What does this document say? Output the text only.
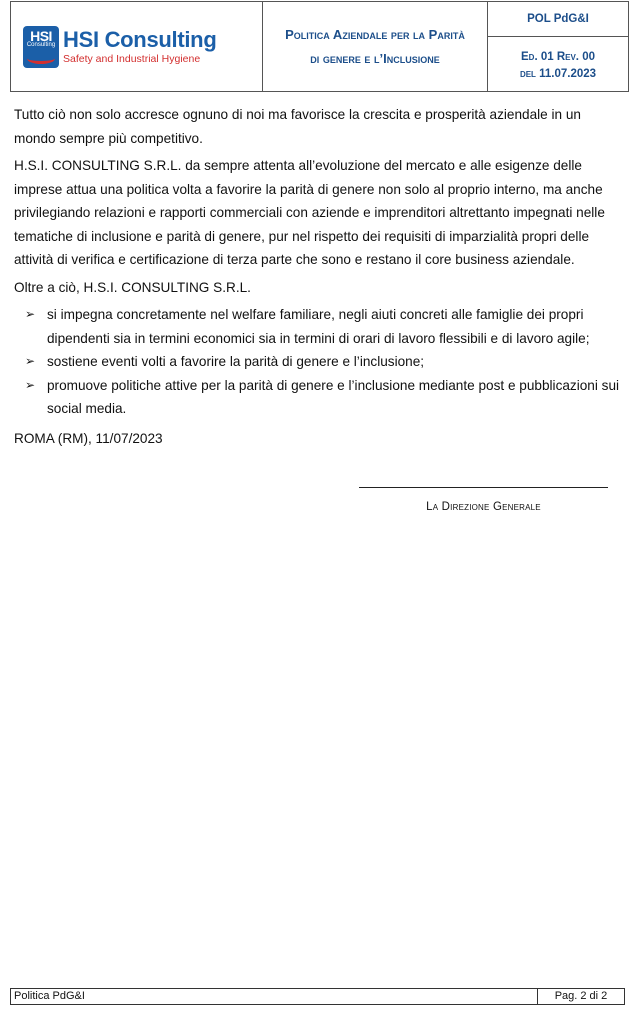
HSI
Consulting HSI Consulting
Safety and Industrial Hygiene
Politica Aziendale per la Parità
di genere e l’Inclusione
POL PdG&I
Ed. 01 Rev. 00
del 11.07.2023

Tutto ciò non solo accresce ognuno di noi ma favorisce la crescita e prosperità aziendale in un mondo sempre più competitivo.

H.S.I. CONSULTING S.R.L. da sempre attenta all’evoluzione del mercato e alle esigenze delle imprese attua una politica volta a favorire la parità di genere non solo al proprio interno, ma anche privilegiando relazioni e rapporti commerciali con aziende e imprenditori altrettanto impegnati nelle tematiche di inclusione e parità di genere, pur nel rispetto dei requisiti di imparzialità propri delle attività di verifica e certificazione di terza parte che sono e restano il core business aziendale.

Oltre a ciò, H.S.I. CONSULTING S.R.L.

➢ si impegna concretamente nel welfare familiare, negli aiuti concreti alle famiglie dei propri dipendenti sia in termini economici sia in termini di orari di lavoro flessibili e di lavoro agile;
➢ sostiene eventi volti a favorire la parità di genere e l’inclusione;
➢ promuove politiche attive per la parità di genere e l’inclusione mediante post e pubblicazioni sui social media.

ROMA (RM), 11/07/2023

La Direzione Generale
Politica PdG&I	Pag. 2 di 2
